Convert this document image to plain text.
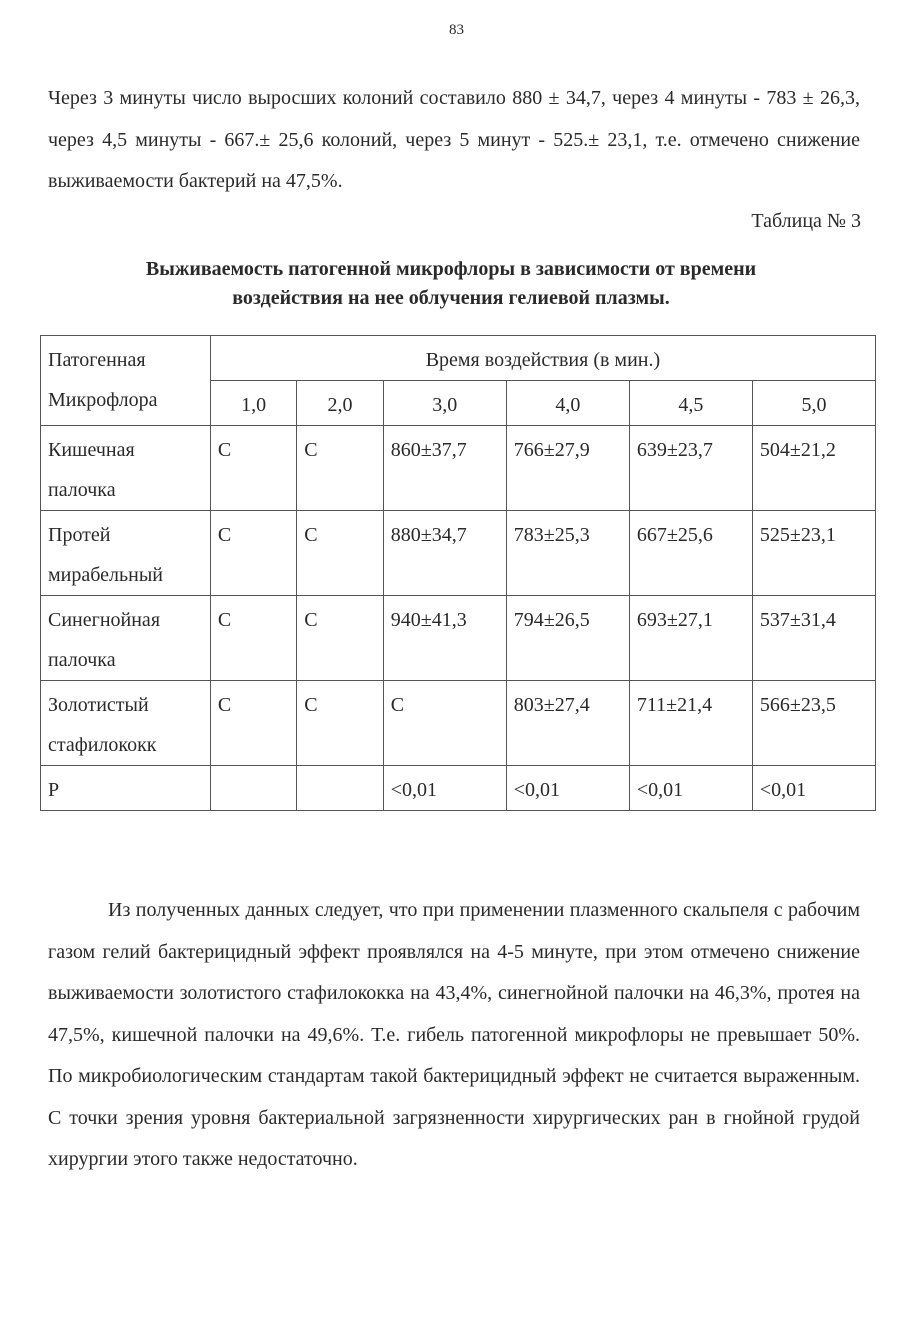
83

Через 3 минуты число выросших колоний составило 880 ± 34,7, через 4 минуты - 783 ± 26,3, через 4,5 минуты - 667.± 25,6 колоний, через 5 минут - 525.± 23,1, т.е. отмечено снижение выживаемости бактерий на 47,5%.

Таблица № 3
Выживаемость патогенной микрофлоры в зависимости от времени
воздействия на нее облучения гелиевой плазмы.
Патогенная
Микрофлора	Время воздействия (в мин.)					
	1,0	2,0	3,0	4,0	4,5	5,0

Кишечная
палочка	С	С	860±37,7	766±27,9	639±23,7	504±21,2

Протей
мирабельный	С	С	880±34,7	783±25,3	667±25,6	525±23,1

Синегнойная
палочка	С	С	940±41,3	794±26,5	693±27,1	537±31,4

Золотистый
стафилококк	С	С	С	803±27,4	711±21,4	566±23,5
Р			<0,01	<0,01	<0,01	<0,01

Из полученных данных следует, что при применении плазменного скальпеля с рабочим газом гелий бактерицидный эффект проявлялся на 4-5 минуте, при этом отмечено снижение выживаемости золотистого стафилококка на 43,4%, синегнойной палочки на 46,3%, протея на 47,5%, кишечной палочки на 49,6%. Т.е. гибель патогенной микрофлоры не превышает 50%. По микробиологическим стандартам такой бактерицидный эффект не считается выраженным. С точки зрения уровня бактериальной загрязненности хирургических ран в гнойной грудой хирургии этого также недостаточно.
